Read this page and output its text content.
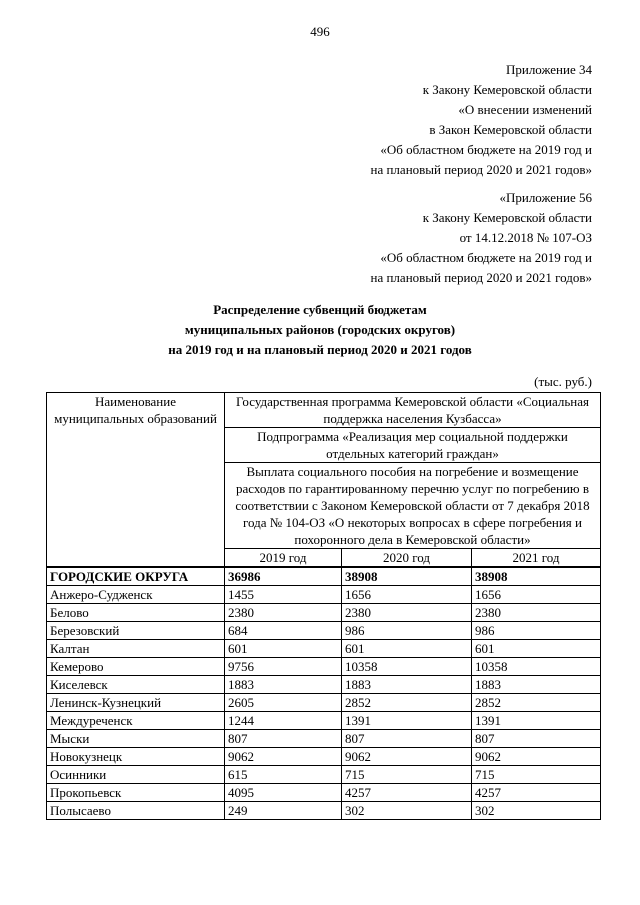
496
Приложение 34
к Закону Кемеровской области
«О внесении изменений
в Закон Кемеровской области
«Об областном бюджете на 2019 год и
на плановый период 2020 и 2021 годов»
«Приложение 56
к Закону Кемеровской области
от 14.12.2018 № 107-ОЗ
«Об областном бюджете на 2019 год и
на плановый период 2020 и 2021 годов»
Распределение субвенций бюджетам
муниципальных районов (городских округов)
на 2019 год и на плановый период 2020 и 2021 годов
(тыс. руб.)
Наименование муниципальных образований	Государственная программа Кемеровской области «Социальная поддержка населения Кузбасса»		
	Подпрограмма «Реализация мер социальной поддержки отдельных категорий граждан»		
	Выплата социального пособия на погребение и возмещение расходов по гарантированному перечню услуг по погребению в соответствии с Законом Кемеровской области от 7 декабря 2018 года № 104-ОЗ «О некоторых вопросах в сфере погребения и похоронного дела в Кемеровской области»		
	2019 год	2020 год	2021 год
ГОРОДСКИЕ ОКРУГА	36986	38908	38908
Анжеро-Судженск	1455	1656	1656
Белово	2380	2380	2380
Березовский	684	986	986
Калтан	601	601	601
Кемерово	9756	10358	10358
Киселевск	1883	1883	1883
Ленинск-Кузнецкий	2605	2852	2852
Междуреченск	1244	1391	1391
Мыски	807	807	807
Новокузнецк	9062	9062	9062
Осинники	615	715	715
Прокопьевск	4095	4257	4257
Полысаево	249	302	302
